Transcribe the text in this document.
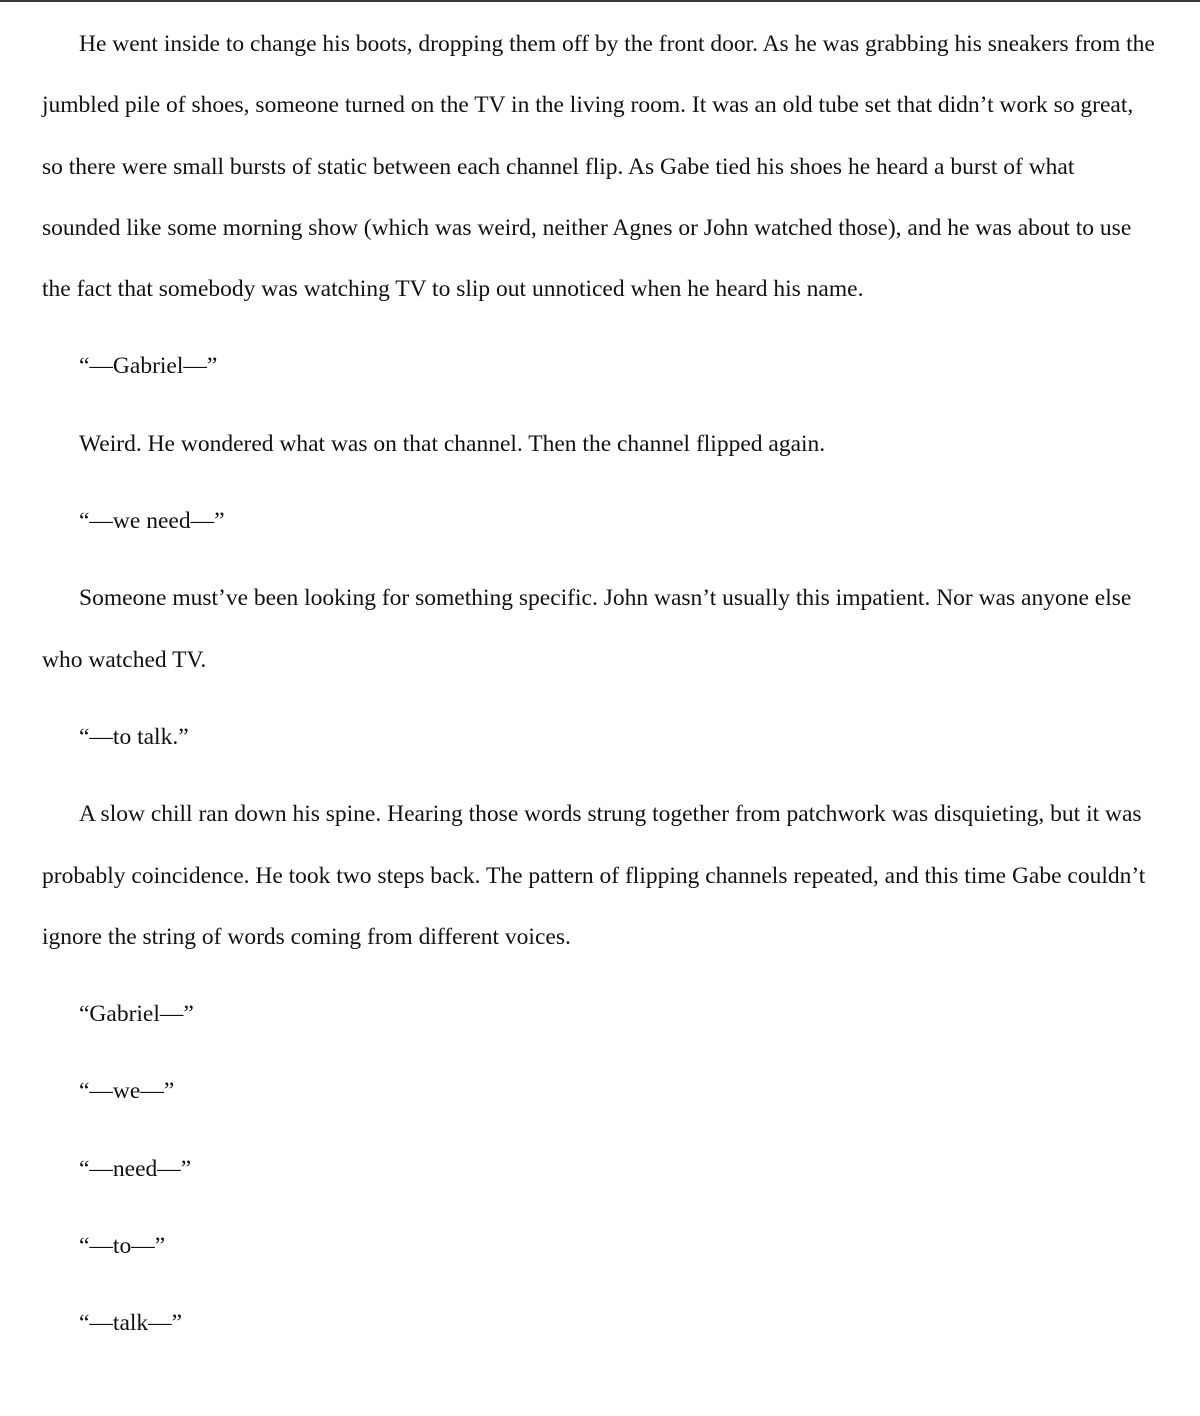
He went inside to change his boots, dropping them off by the front door. As he was grabbing his sneakers from the jumbled pile of shoes, someone turned on the TV in the living room. It was an old tube set that didn’t work so great, so there were small bursts of static between each channel flip. As Gabe tied his shoes he heard a burst of what sounded like some morning show (which was weird, neither Agnes or John watched those), and he was about to use the fact that somebody was watching TV to slip out unnoticed when he heard his name.

“—Gabriel—”

Weird. He wondered what was on that channel. Then the channel flipped again.

“—we need—”

Someone must’ve been looking for something specific. John wasn’t usually this impatient. Nor was anyone else who watched TV.

“—to talk.”

A slow chill ran down his spine. Hearing those words strung together from patchwork was disquieting, but it was probably coincidence. He took two steps back. The pattern of flipping channels repeated, and this time Gabe couldn’t ignore the string of words coming from different voices.

“Gabriel—”

“—we—”

“—need—”

“—to—”

“—talk—”
